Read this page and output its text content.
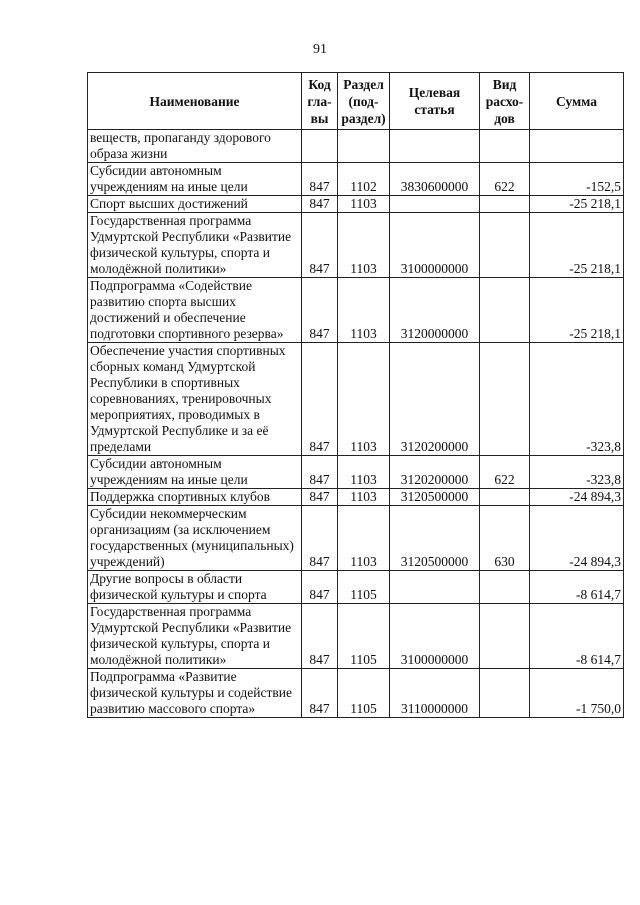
91
Наименование	Код гла-вы	Раздел (под-раздел)	Целевая статья	Вид расхо-дов	Сумма
веществ, пропаганду здорового образа жизни					
Субсидии автономным учреждениям на иные цели	847	1102	3830600000	622	-152,5
Спорт высших достижений	847	1103			-25 218,1
Государственная программа Удмуртской Республики «Развитие физической культуры, спорта и молодёжной политики»	847	1103	3100000000		-25 218,1
Подпрограмма «Содействие развитию спорта высших достижений и обеспечение подготовки спортивного резерва»	847	1103	3120000000		-25 218,1
Обеспечение участия спортивных сборных команд Удмуртской Республики в спортивных соревнованиях, тренировочных мероприятиях, проводимых в Удмуртской Республике и за её пределами	847	1103	3120200000		-323,8
Субсидии автономным учреждениям на иные цели	847	1103	3120200000	622	-323,8
Поддержка спортивных клубов	847	1103	3120500000		-24 894,3
Субсидии некоммерческим организациям (за исключением государственных (муниципальных) учреждений)	847	1103	3120500000	630	-24 894,3
Другие вопросы в области физической культуры и спорта	847	1105			-8 614,7
Государственная программа Удмуртской Республики «Развитие физической культуры, спорта и молодёжной политики»	847	1105	3100000000		-8 614,7
Подпрограмма «Развитие физической культуры и содействие развитию массового спорта»	847	1105	3110000000		-1 750,0
